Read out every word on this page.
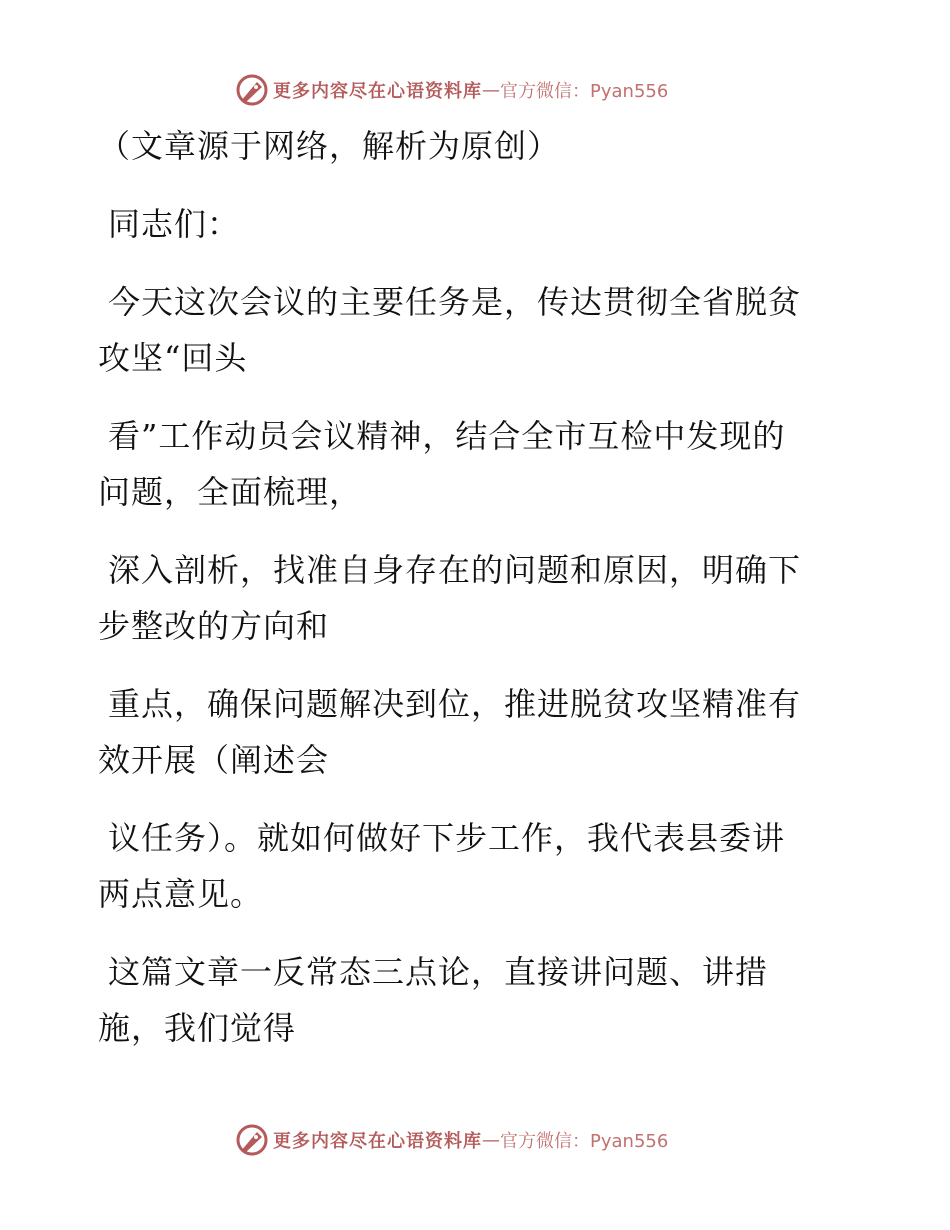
更多内容尽在心语资料库 — 官方微信：Pyan556

（文章源于网络，解析为原创）

同志们：

今天这次会议的主要任务是，传达贯彻全省脱贫
攻坚“回头

看”工作动员会议精神，结合全市互检中发现的
问题，全面梳理，

深入剖析，找准自身存在的问题和原因，明确下
步整改的方向和

重点，确保问题解决到位，推进脱贫攻坚精准有
效开展（阐述会

议任务）。就如何做好下步工作，我代表县委讲
两点意见。

这篇文章一反常态三点论，直接讲问题、讲措
施，我们觉得

更多内容尽在心语资料库 — 官方微信：Pyan556
